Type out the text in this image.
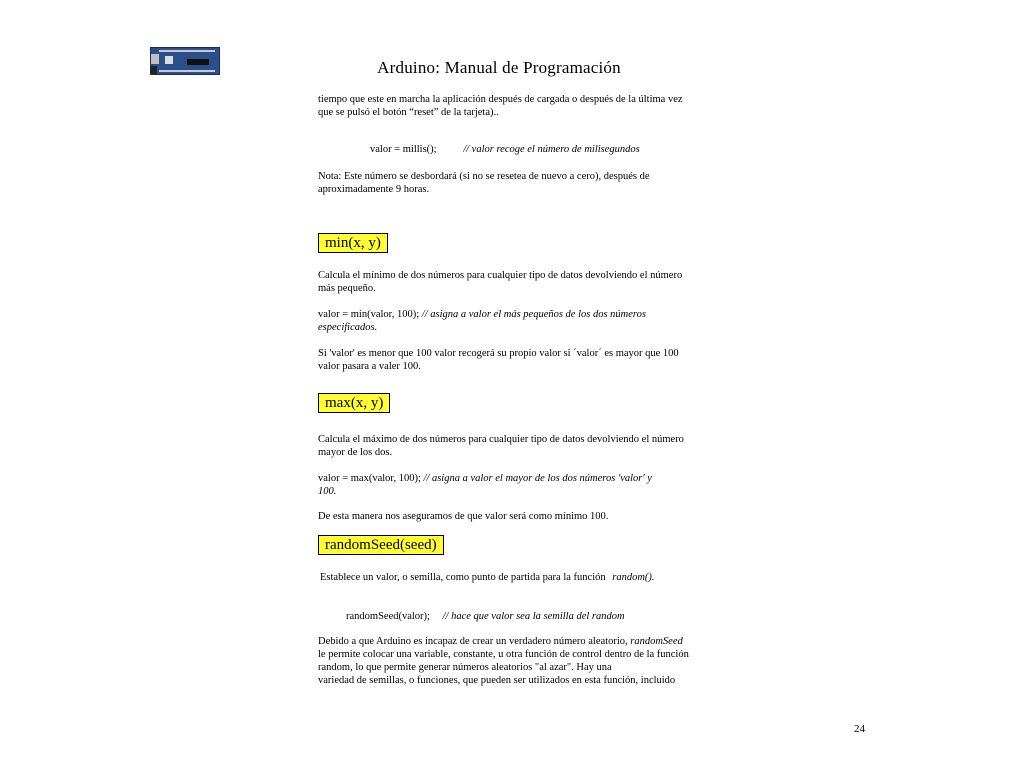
Arduino: Manual de Programación
tiempo que este en marcha la aplicación después de cargada o después de la última vez
que se pulsó el botón “reset” de la tarjeta)..
valor = millis();	// valor recoge el número de milisegundos
Nota: Este número se desbordará (si no se resetea de nuevo a cero), después de
aproximadamente 9 horas.
min(x, y)
Calcula el mínimo de dos números para cualquier tipo de datos devolviendo el número
más pequeño.
valor = min(valor, 100); // asigna a valor el más pequeños de los dos números
especificados.
Si 'valor' es menor que 100 valor recogerá su propio valor si ´valor´ es mayor que 100
valor pasara a valer 100.
max(x, y)
Calcula el máximo de dos números para cualquier tipo de datos devolviendo el número
mayor de los dos.
valor = max(valor, 100); // asigna a valor el mayor de los dos números 'valor' y
100.
De esta manera nos aseguramos de que valor será como mínimo 100.
randomSeed(seed)
Establece un valor, o semilla, como punto de partida para la función random().
randomSeed(valor); // hace que valor sea la semilla del random
Debido a que Arduino es incapaz de crear un verdadero número aleatorio, randomSeed
le permite colocar una variable, constante, u otra función de control dentro de la función
random, lo que permite generar números aleatorios "al azar". Hay una
variedad de semillas, o funciones, que pueden ser utilizados en esta función, incluido
24
